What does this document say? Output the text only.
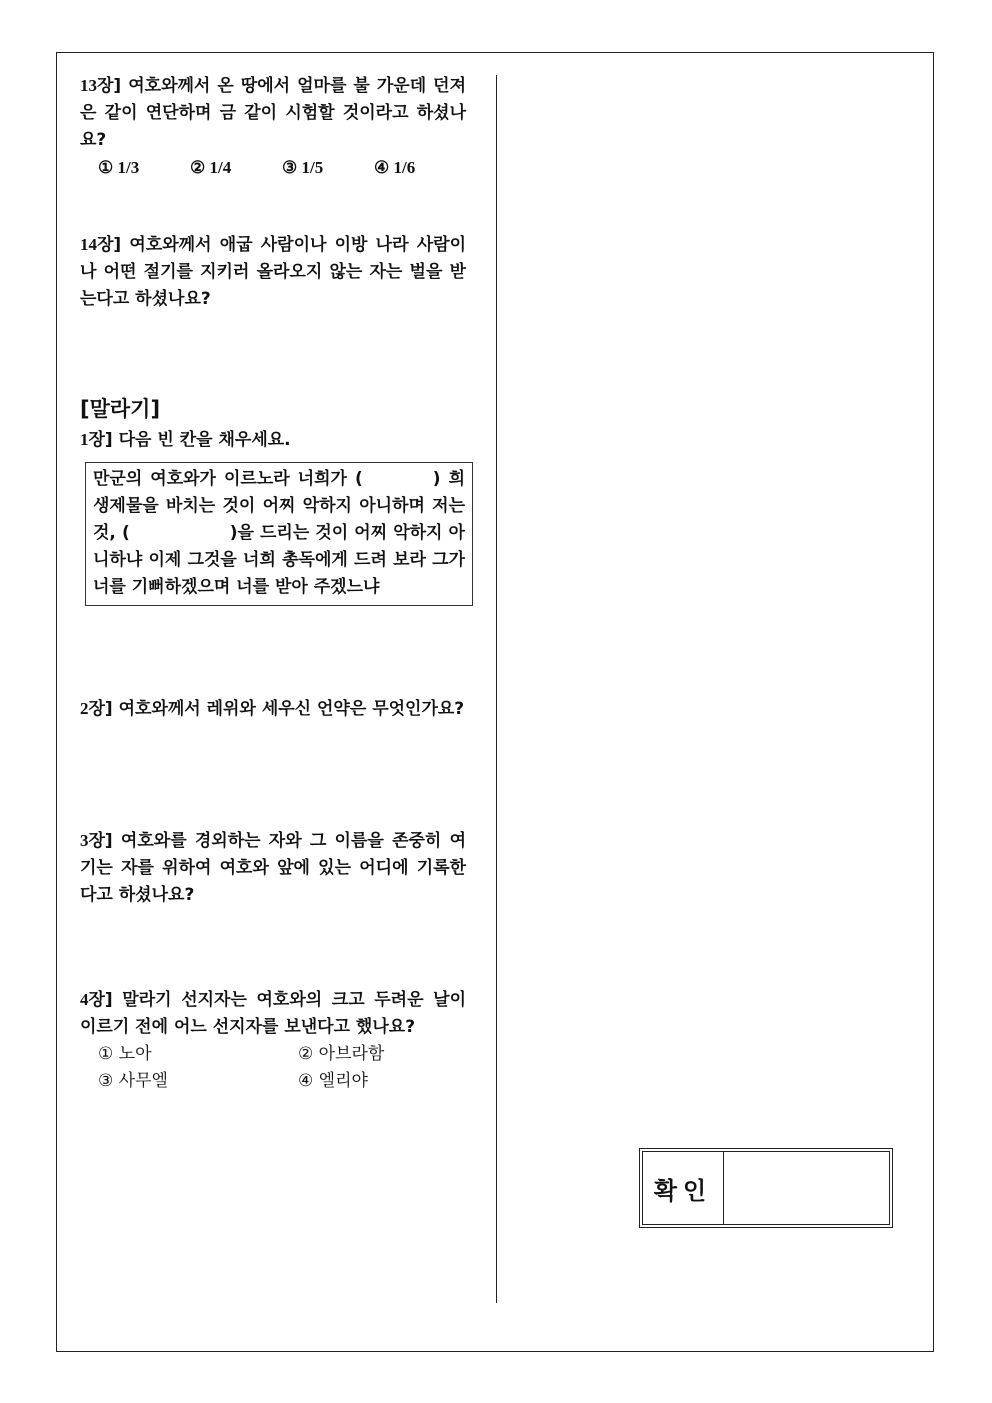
13장] 여호와께서 온 땅에서 얼마를 불 가운데 던져 은 같이 연단하며 금 같이 시험할 것이라고 하셨나요?

① 1/3	② 1/4	③ 1/5	④ 1/6

14장] 여호와께서 애굽 사람이나 이방 나라 사람이나 어떤 절기를 지키러 올라오지 않는 자는 벌을 받는다고 하셨나요?

[말라기]

1장] 다음 빈 칸을 채우세요.

만군의 여호와가 이르노라 너희가 (	) 희생제물을 바치는 것이 어찌 악하지 아니하며 저는 것, (	)을 드리는 것이 어찌 악하지 아니하냐 이제 그것을 너희 총독에게 드려 보라 그가 너를 기뻐하겠으며 너를 받아 주겠느냐

2장] 여호와께서 레위와 세우신 언약은 무엇인가요?

3장] 여호와를 경외하는 자와 그 이름을 존중히 여기는 자를 위하여 여호와 앞에 있는 어디에 기록한다고 하셨나요?

4장] 말라기 선지자는 여호와의 크고 두려운 날이 이르기 전에 어느 선지자를 보낸다고 했나요?

① 노아	② 아브라함
③ 사무엘	④ 엘리야
확인
